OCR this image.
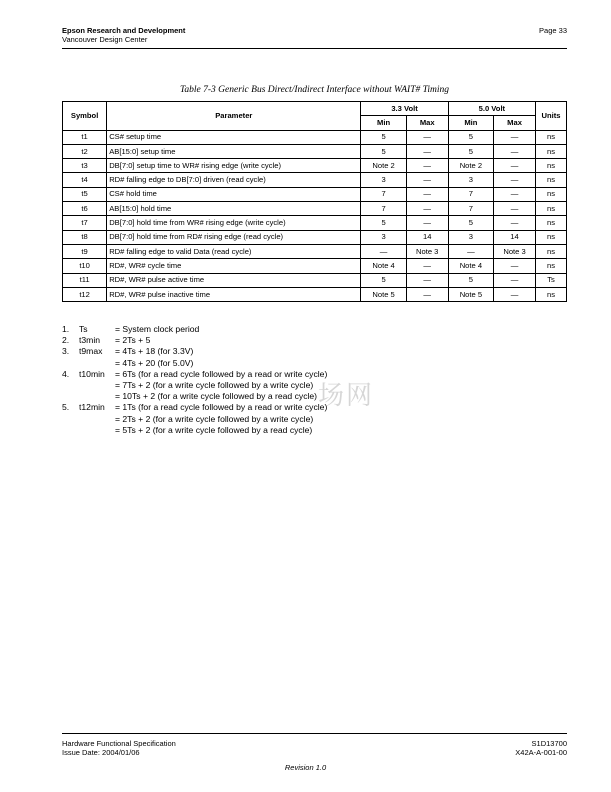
Epson Research and Development
Vancouver Design Center
Page 33
Table 7-3 Generic Bus Direct/Indirect Interface without WAIT# Timing
Symbol	Parameter	3.3 Volt		5.0 Volt		Units
		Min	Max	Min	Max	
t1	CS# setup time	5	—	5	—	ns
t2	AB[15:0] setup time	5	—	5	—	ns
t3	DB[7:0] setup time to WR# rising edge (write cycle)	Note 2	—	Note 2	—	ns
t4	RD# falling edge to DB[7:0] driven (read cycle)	3	—	3	—	ns
t5	CS# hold time	7	—	7	—	ns
t6	AB[15:0] hold time	7	—	7	—	ns
t7	DB[7:0] hold time from WR# rising edge (write cycle)	5	—	5	—	ns
t8	DB[7:0] hold time from RD# rising edge (read cycle)	3	14	3	14	ns
t9	RD# falling edge to valid Data (read cycle)	—	Note 3	—	Note 3	ns
t10	RD#, WR# cycle time	Note 4	—	Note 4	—	ns
t11	RD#, WR# pulse active time	5	—	5	—	Ts
t12	RD#, WR# pulse inactive time	Note 5	—	Note 5	—	ns
1.	Ts	= System clock period
2.	t3min	= 2Ts + 5
3.	t9max	= 4Ts + 18 (for 3.3V)
= 4Ts + 20 (for 5.0V)
4.	t10min	= 6Ts (for a read cycle followed by a read or write cycle)
= 7Ts + 2 (for a write cycle followed by a write cycle)
= 10Ts + 2 (for a write cycle followed by a read cycle)
5.	t12min	= 1Ts (for a read cycle followed by a read or write cycle)
= 2Ts + 2 (for a write cycle followed by a write cycle)
= 5Ts + 2 (for a write cycle followed by a read cycle)
场网
Hardware Functional Specification
Issue Date: 2004/01/06
S1D13700
X42A-A-001-00
Revision 1.0
